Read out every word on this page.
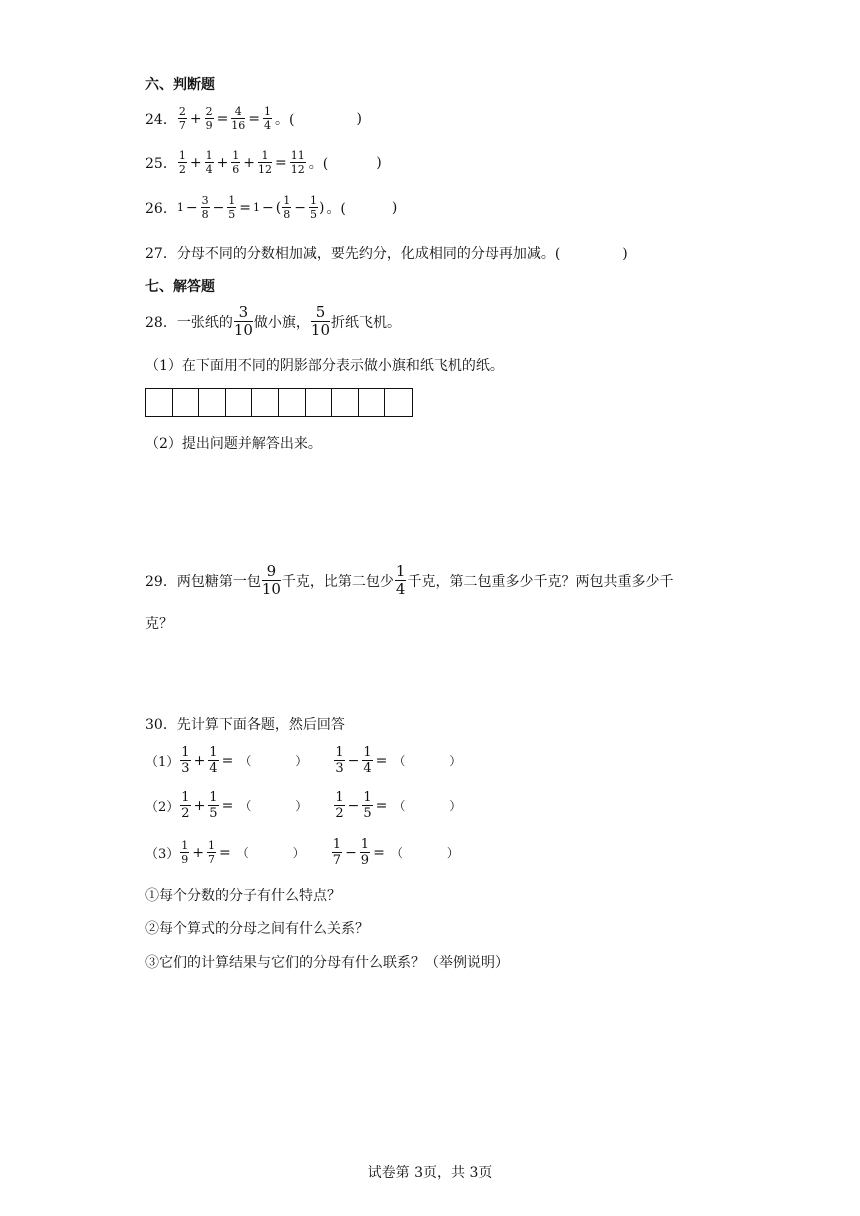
六、判断题
24． $\frac{2}{7} + \frac{2}{9} = \frac{4}{16} = \frac{1}{4}$ 。(	)
25． $\frac{1}{2} + \frac{1}{4} + \frac{1}{6} + \frac{1}{12} = \frac{11}{12}$ 。(	)
26． $1 - \frac{3}{8} - \frac{1}{5} = 1$ − ( $\frac{1}{8} - \frac{1}{5}$ ) 。(	)
27．分母不同的分数相加减，要先约分，化成相同的分母再加减。(	)
七、解答题
28． 一张纸的 $\frac{3}{10}$ 做小旗， $\frac{5}{10}$ 折纸飞机。
（1）在下面用不同的阴影部分表示做小旗和纸飞机的纸。
（2）提出问题并解答出来。
29． 两包糖第一包 $\frac{9}{10}$ 千克，比第二包少 $\frac{1}{4}$ 千克，第二包重多少千克？两包共重多少千
克？
30．先计算下面各题，然后回答
$(1) \frac{1}{3} + \frac{1}{4}$ = （	） $\frac{1}{3} - \frac{1}{4}$ = （	）
$(2) \frac{1}{2} + \frac{1}{5}$ = （	） $\frac{1}{2} - \frac{1}{5}$ = （	）
$(3) \frac{1}{9} + \frac{1}{7}$ = （	） $\frac{1}{7} - \frac{1}{9}$ = （	）
①每个分数的分子有什么特点？
②每个算式的分母之间有什么关系？
③它们的计算结果与它们的分母有什么联系？（举例说明）
试卷第 3页，共 3页
